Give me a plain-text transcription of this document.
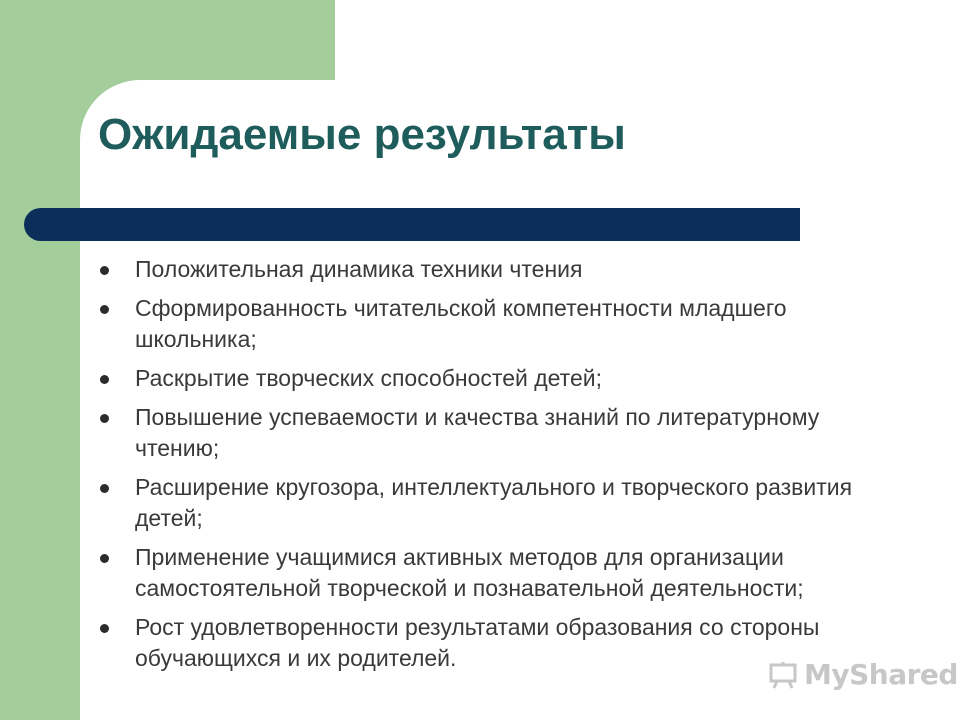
Ожидаемые результаты
Положительная динамика техники чтения
Сформированность читательской компетентности младшего школьника;
Раскрытие творческих способностей детей;
Повышение успеваемости и качества знаний по литературному чтению;
Расширение кругозора, интеллектуального и творческого развития детей;
Применение учащимися активных методов для организации самостоятельной творческой и познавательной деятельности;
Рост удовлетворенности результатами образования со стороны обучающихся и их родителей.	MyShared
